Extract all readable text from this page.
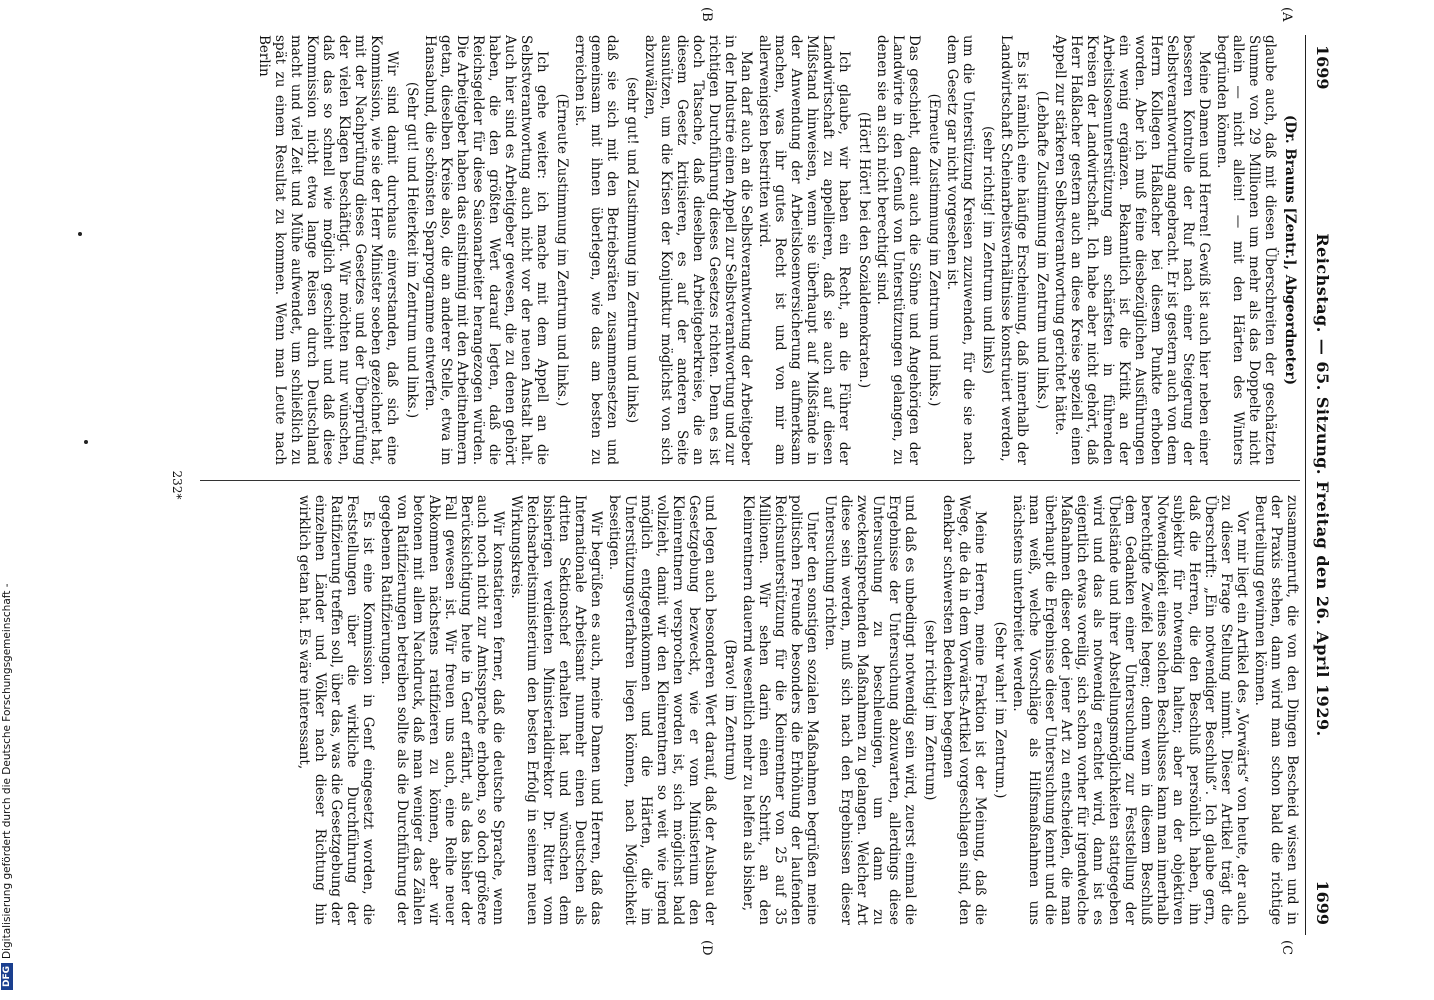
1699
Reichstag. — 65. Sitzung. Freitag den 26. April 1929.
1699
(A
(B
(C
(D

(Dr. Brauns [Zentr.], Abgeordneter)

glaube auch, daß mit diesen Überschreiten der geschätzten Summe von 29 Millionen um mehr als das Doppelte nicht allein — nicht allein! — mit den Härten des Winters begründen können.

Meine Damen und Herren! Gewiß ist auch hier neben einer besseren Kontrolle der Ruf nach einer Steigerung der Selbstverantwortung angebracht. Er ist gestern auch von dem Herrn Kollegen Haßlacher bei diesem Punkte erhoben worden. Aber ich muß feine diesbezüglichen Ausführungen ein wenig ergänzen. Bekanntlich ist die Kritik an der Arbeitslosenunterstützung am schärfsten in führenden Kreisen der Landwirtschaft. Ich habe aber nicht gehört, daß Herr Haßlacher gestern auch an diese Kreise speziell einen Appell zur stärkeren Selbstverantwortung gerichtet hätte.

(Lebhafte Zustimmung im Zentrum und links.)

Es ist nämlich eine häufige Erscheinung, daß innerhalb der Landwirtschaft Scheinarbeitsverhältnisse konstruiert werden,

(sehr richtig! im Zentrum und links)

um die Unterstützung Kreisen zuzuwenden, für die sie nach dem Gesetz gar nicht vorgesehen ist.

(Erneute Zustimmung im Zentrum und links.)

Das geschieht, damit auch die Söhne und Angehörigen der Landwirte in den Genuß von Unterstützungen gelangen, zu denen sie an sich nicht berechtigt sind.

(Hört! Hört! bei den Sozialdemokraten.)

Ich glaube, wir haben ein Recht, an die Führer der Landwirtschaft zu appellieren, daß sie auch auf diesen Mißstand hinweisen, wenn sie überhaupt auf Mißstände in der Anwendung der Arbeitslosenversicherung aufmerksam machen, was ihr gutes Recht ist und von mir am allerwenigsten bestritten wird.

Man darf auch an die Selbstverantwortung der Arbeitgeber in der Industrie einen Appell zur Selbstverantwortung und zur richtigen Durchführung dieses Gesetzes richten. Denn es ist doch Tatsache, daß dieselben Arbeitgeberkreise, die an diesem Gesetz kritisieren, es auf der anderen Seite ausnützen, um die Krisen der Konjunktur möglichst von sich abzuwälzen,

(sehr gut! und Zustimmung im Zentrum und links)

daß sie sich mit den Betriebsräten zusammensetzen und gemeinsam mit ihnen überlegen, wie das am besten zu erreichen ist.

(Erneute Zustimmung im Zentrum und links.)

Ich gehe weiter: ich mache mit dem Appell an die Selbstverantwortung auch nicht vor der neuen Anstalt halt. Auch hier sind es Arbeitgeber gewesen, die zu denen gehört haben, die den größten Wert darauf legten, daß die Reichsgelder für diese Saisonarbeiter herangezogen würden. Die Arbeitgeber haben das einstimmig mit den Arbeitnehmern getan, dieselben Kreise also, die an anderer Stelle, etwa im Hansabund, die schönsten Sparprogramme entwerfen.

(Sehr gut! und Heiterkeit im Zentrum und links.)

Wir sind damit durchaus einverstanden, daß sich eine Kommission, wie sie der Herr Minister soeben gezeichnet hat, mit der Nachprüfung dieses Gesetzes und der Überprüfung der vielen Klagen beschäftigt. Wir möchten nur wünschen, daß das so schnell wie möglich geschieht und daß diese Kommission nicht etwa lange Reisen durch Deutschland macht und viel Zeit und Mühe aufwendet, um schließlich zu spät zu einem Resultat zu kommen. Wenn man Leute nach Berlin

zusammenruft, die von den Dingen Bescheid wissen und in der Praxis stehen, dann wird man schon bald die richtige Beurteilung gewinnen können.

Vor mir liegt ein Artikel des „Vorwärts“ von heute, der auch zu dieser Frage Stellung nimmt. Dieser Artikel trägt die Überschrift: „Ein notwendiger Beschluß“. Ich glaube gern, daß die Herren, die den Beschluß persönlich haben, ihn subjektiv für notwendig halten; aber an der objektiven Notwendigkeit eines solchen Beschlusses kann man innerhalb berechtigte Zweifel hegen; denn wenn in diesem Beschluß dem Gedanken einer Untersuchung zur Feststellung der Übelstände und ihrer Abstellungsmöglichkeiten stattgegeben wird und das als notwendig erachtet wird, dann ist es eigentlich etwas voreilig, sich schon vorher für irgendwelche Maßnahmen dieser oder jener Art zu entscheiden, die man überhaupt die Ergebnisse dieser Untersuchung kennt und die man weiß, welche Vorschläge als Hilfsmaßnahmen uns nächstens unterbreitet werden.

(Sehr wahr! im Zentrum.)

Meine Herren, meine Fraktion ist der Meinung, daß die Wege, die da in dem Vorwärts-Artikel vorgeschlagen sind, den denkbar schwersten Bedenken begegnen

(sehr richtig! im Zentrum)

und daß es unbedingt notwendig sein wird, zuerst einmal die Ergebnisse der Untersuchung abzuwarten, allerdings diese Untersuchung zu beschleunigen, um dann zu zweckentsprechenden Maßnahmen zu gelangen. Welcher Art diese sein werden, muß sich nach den Ergebnissen dieser Untersuchung richten.

Unter den sonstigen sozialen Maßnahmen begrüßen meine politischen Freunde besonders die Erhöhung der laufenden Reichsunterstützung für die Kleinrentner von 25 auf 35 Millionen. Wir sehen darin einen Schritt, an den Kleinrentnern dauernd wesentlich mehr zu helfen als bisher,

(Bravo! im Zentrum)

und legen auch besonderen Wert darauf, daß der Ausbau der Gesetzgebung bezweckt, wie er vom Ministerium den Kleinrentnern versprochen worden ist, sich möglichst bald vollzieht, damit wir den Kleinrentnern so weit wie irgend möglich entgegenkommen und die Härten, die im Unterstützungsverfahren liegen können, nach Möglichkeit beseitigen.

Wir begrüßen es auch, meine Damen und Herren, daß das Internationale Arbeitsamt nunmehr einen Deutschen als dritten Sektionschef erhalten hat und wünschen dem bisherigen verdienten Ministerialdirektor Dr. Ritter vom Reichsarbeitsministerium den besten Erfolg in seinem neuen Wirkungskreis.

Wir konstatieren ferner, daß die deutsche Sprache, wenn auch noch nicht zur Amtssprache erhoben, so doch größere Berücksichtigung heute in Genf erfährt, als das bisher der Fall gewesen ist. Wir freuen uns auch, eine Reihe neuer Abkommen nächstens ratifizieren zu können, aber wir betonen mit allem Nachdruck, daß man weniger das Zählen von Ratifizierungen betreiben sollte als die Durchführung der gegebenen Ratifizierungen.

Es ist eine Kommission in Genf eingesetzt worden, die Feststellungen über die wirkliche Durchführung der Ratifizierung treffen soll, über das, was die Gesetzgebung der einzelnen Länder und Völker nach dieser Richtung hin wirklich getan hat. Es wäre interessant,

232*
DFGDigitalisierung gefördert durch die Deutsche Forschungsgemeinschaft -
